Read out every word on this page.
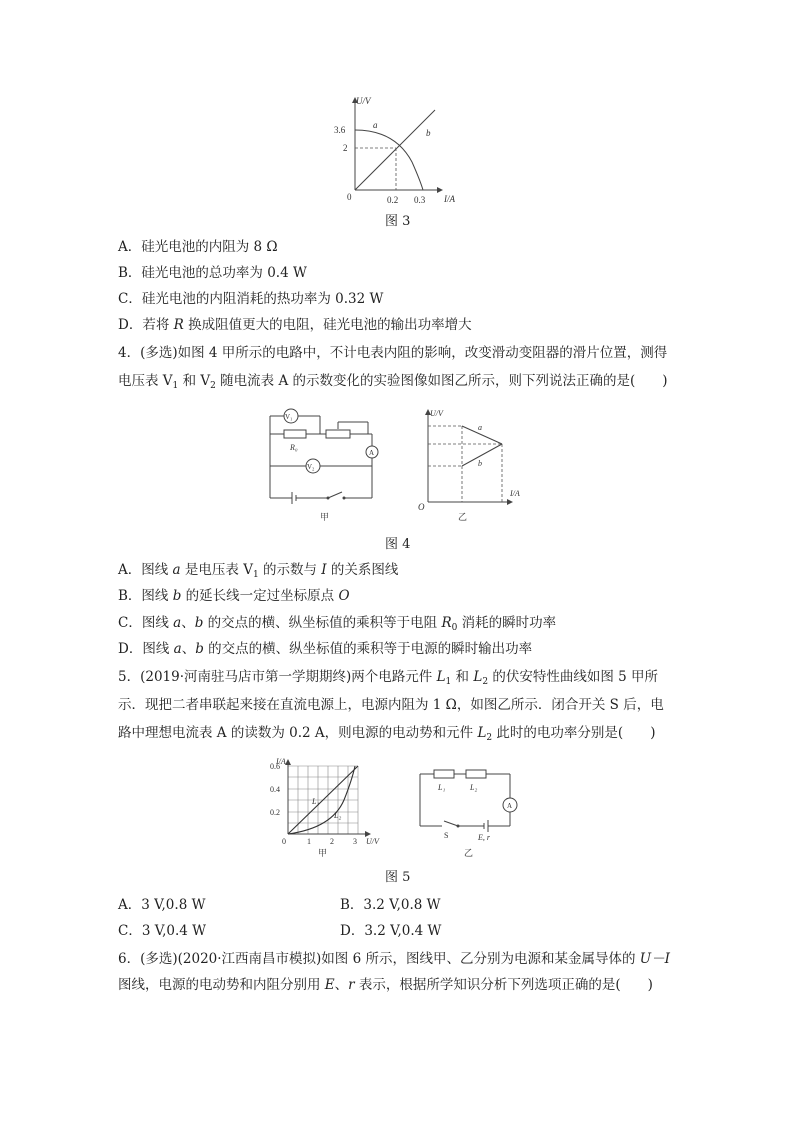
U/V
I/A
0
3.6
2
0.2 0.3
a
b
图 3
A．硅光电池的内阻为 8 Ω
B．硅光电池的总功率为 0.4 W
C．硅光电池的内阻消耗的热功率为 0.32 W
D．若将 R 换成阻值更大的电阻，硅光电池的输出功率增大
4．(多选)如图 4 甲所示的电路中，不计电表内阻的影响，改变滑动变阻器的滑片位置，测得
电压表 $V_1$ 和 $V_2$ 随电流表 A 的示数变化的实验图像如图乙所示，则下列说法正确的是(　　)
V₁
A
V₂
R₀
甲
U/V
I/A
O
a
b
乙
图 4
A．图线 a 是电压表 $V_1$ 的示数与 I 的关系图线
B．图线 b 的延长线一定过坐标原点 O
C．图线 a、b 的交点的横、纵坐标值的乘积等于电阻 $R_0$ 消耗的瞬时功率
D．图线 a、b 的交点的横、纵坐标值的乘积等于电源的瞬时输出功率
5．(2019·河南驻马店市第一学期期终)两个电路元件 $L_1$ 和 $L_2$ 的伏安特性曲线如图 5 甲所
示．现把二者串联起来接在直流电源上，电源内阻为 1 Ω，如图乙所示．闭合开关 S 后，电
路中理想电流表 A 的读数为 0.2 A，则电源的电动势和元件 $L_2$ 此时的电功率分别是(　　)
I/A
U/V
0.6
0.4
0.2
0	1 2 3
L₁
L₂
甲
A
L₁	L₂
S	E, r
乙
图 5
A．3 V,0.8 W	B．3.2 V,0.8 W
C．3 V,0.4 W	D．3.2 V,0.4 W
6．(多选)(2020·江西南昌市模拟)如图 6 所示，图线甲、乙分别为电源和某金属导体的 U－I
图线，电源的电动势和内阻分别用 E、r 表示，根据所学知识分析下列选项正确的是(　　)
